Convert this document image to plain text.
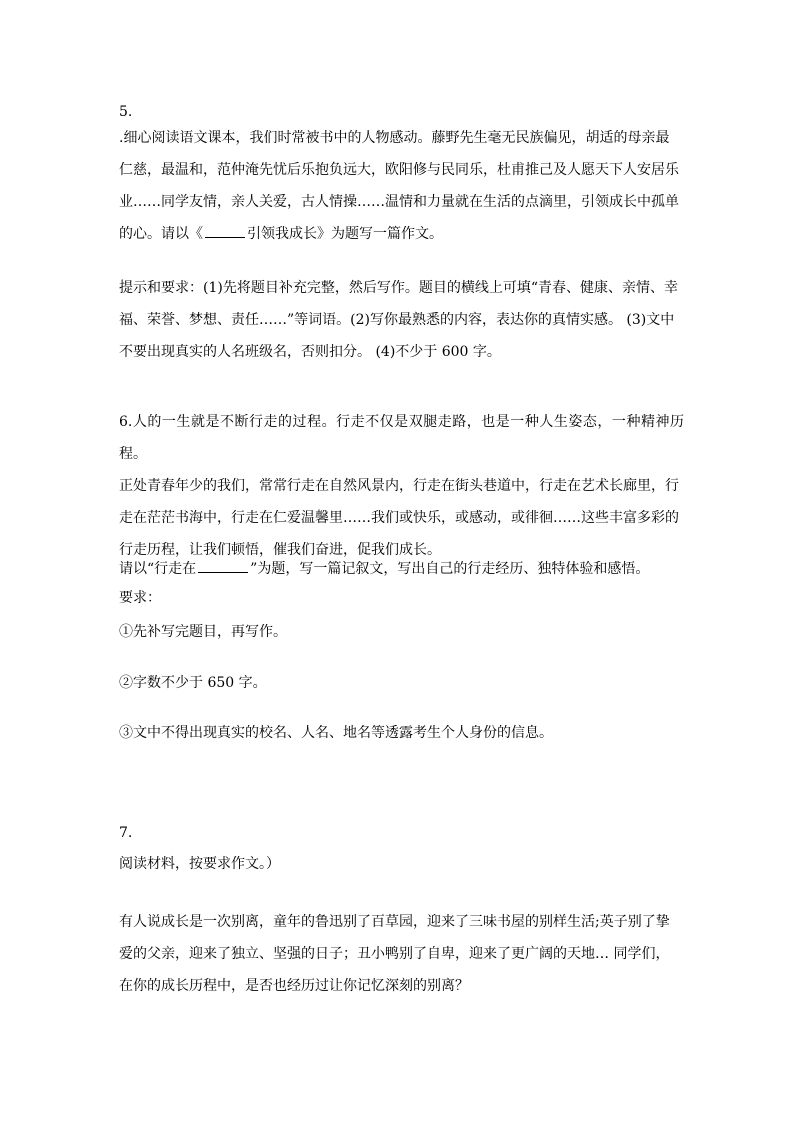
5.
.细心阅读语文课本，我们时常被书中的人物感动。藤野先生毫无民族偏见，胡适的母亲最
仁慈，最温和，范仲淹先忧后乐抱负远大，欧阳修与民同乐，杜甫推己及人愿天下人安居乐
业……同学友情，亲人关爱，古人情操……温情和力量就在生活的点滴里，引领成长中孤单
的心。请以《	引领我成长》为题写一篇作文。
提示和要求：(1)先将题目补充完整，然后写作。题目的横线上可填“青春、健康、亲情、幸
福、荣誉、梦想、责任……”等词语。(2)写你最熟悉的内容，表达你的真情实感。 (3)文中
不要出现真实的人名班级名，否则扣分。 (4)不少于 600 字。
6.人的一生就是不断行走的过程。行走不仅是双腿走路，也是一种人生姿态，一种精神历程。
正处青春年少的我们，常常行走在自然风景内，行走在街头巷道中，行走在艺术长廊里，行
走在茫茫书海中，行走在仁爱温馨里……我们或快乐，或感动，或徘徊……这些丰富多彩的
行走历程，让我们顿悟，催我们奋进，促我们成长。
请以“行走在	”为题，写一篇记叙文，写出自己的行走经历、独特体验和感悟。
要求：
①先补写完题目，再写作。
②字数不少于 650 字。
③文中不得出现真实的校名、人名、地名等透露考生个人身份的信息。
7.
阅读材料，按要求作文。）
有人说成长是一次别离，童年的鲁迅别了百草园，迎来了三味书屋的别样生活;英子别了挚
爱的父亲，迎来了独立、坚强的日子；丑小鸭别了自卑，迎来了更广阔的天地… 同学们，
在你的成长历程中，是否也经历过让你记忆深刻的别离？
